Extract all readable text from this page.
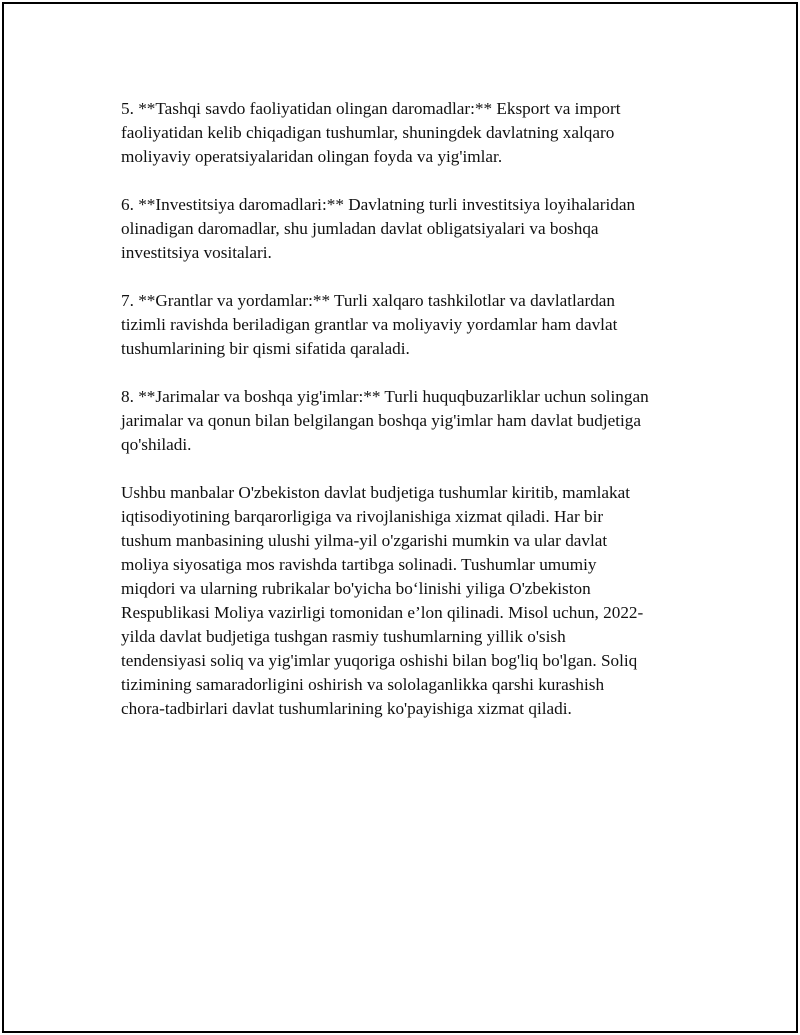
5. **Tashqi savdo faoliyatidan olingan daromadlar:** Eksport va import
faoliyatidan kelib chiqadigan tushumlar, shuningdek davlatning xalqaro
moliyaviy operatsiyalaridan olingan foyda va yig'imlar.

6. **Investitsiya daromadlari:** Davlatning turli investitsiya loyihalaridan
olinadigan daromadlar, shu jumladan davlat obligatsiyalari va boshqa
investitsiya vositalari.

7. **Grantlar va yordamlar:** Turli xalqaro tashkilotlar va davlatlardan
tizimli ravishda beriladigan grantlar va moliyaviy yordamlar ham davlat
tushumlarining bir qismi sifatida qaraladi.

8. **Jarimalar va boshqa yig'imlar:** Turli huquqbuzarliklar uchun solingan
jarimalar va qonun bilan belgilangan boshqa yig'imlar ham davlat budjetiga
qo'shiladi.

Ushbu manbalar O'zbekiston davlat budjetiga tushumlar kiritib, mamlakat
iqtisodiyotining barqarorligiga va rivojlanishiga xizmat qiladi. Har bir
tushum manbasining ulushi yilma-yil o'zgarishi mumkin va ular davlat
moliya siyosatiga mos ravishda tartibga solinadi. Tushumlar umumiy
miqdori va ularning rubrikalar bo'yicha boʻlinishi yiliga O'zbekiston
Respublikasi Moliya vazirligi tomonidan e’lon qilinadi. Misol uchun, 2022-
yilda davlat budjetiga tushgan rasmiy tushumlarning yillik o'sish
tendensiyasi soliq va yig'imlar yuqoriga oshishi bilan bog'liq bo'lgan. Soliq
tizimining samaradorligini oshirish va sololaganlikka qarshi kurashish
chora-tadbirlari davlat tushumlarining ko'payishiga xizmat qiladi.
